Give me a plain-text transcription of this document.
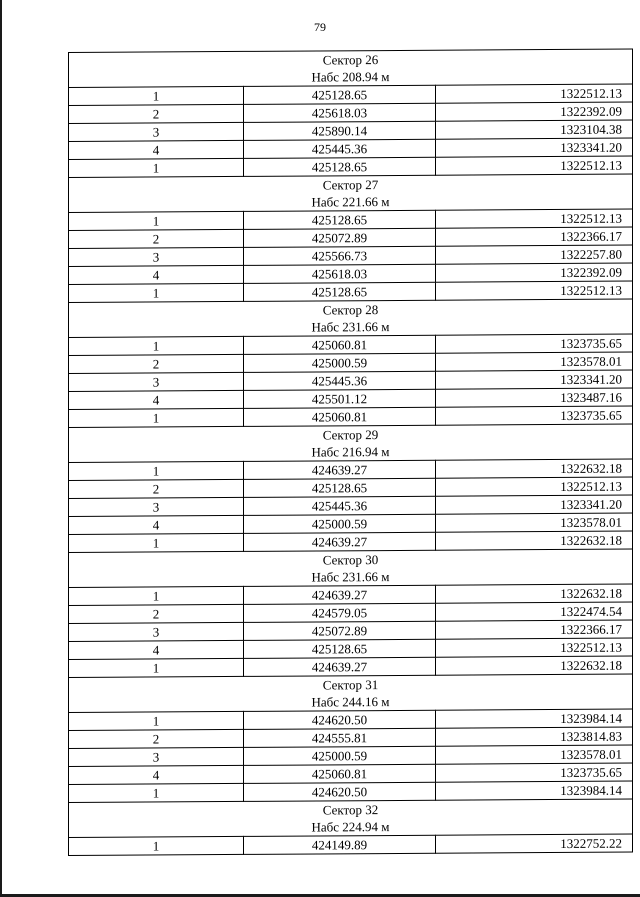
79
Сектор 26		
Набс 208.94 м		
1	425128.65	1322512.13
2	425618.03	1322392.09
3	425890.14	1323104.38
4	425445.36	1323341.20
1	425128.65	1322512.13
Сектор 27		
Набс 221.66 м		
1	425128.65	1322512.13
2	425072.89	1322366.17
3	425566.73	1322257.80
4	425618.03	1322392.09
1	425128.65	1322512.13
Сектор 28		
Набс 231.66 м		
1	425060.81	1323735.65
2	425000.59	1323578.01
3	425445.36	1323341.20
4	425501.12	1323487.16
1	425060.81	1323735.65
Сектор 29		
Набс 216.94 м		
1	424639.27	1322632.18
2	425128.65	1322512.13
3	425445.36	1323341.20
4	425000.59	1323578.01
1	424639.27	1322632.18
Сектор 30		
Набс 231.66 м		
1	424639.27	1322632.18
2	424579.05	1322474.54
3	425072.89	1322366.17
4	425128.65	1322512.13
1	424639.27	1322632.18
Сектор 31		
Набс 244.16 м		
1	424620.50	1323984.14
2	424555.81	1323814.83
3	425000.59	1323578.01
4	425060.81	1323735.65
1	424620.50	1323984.14
Сектор 32		
Набс 224.94 м		
1	424149.89	1322752.22
